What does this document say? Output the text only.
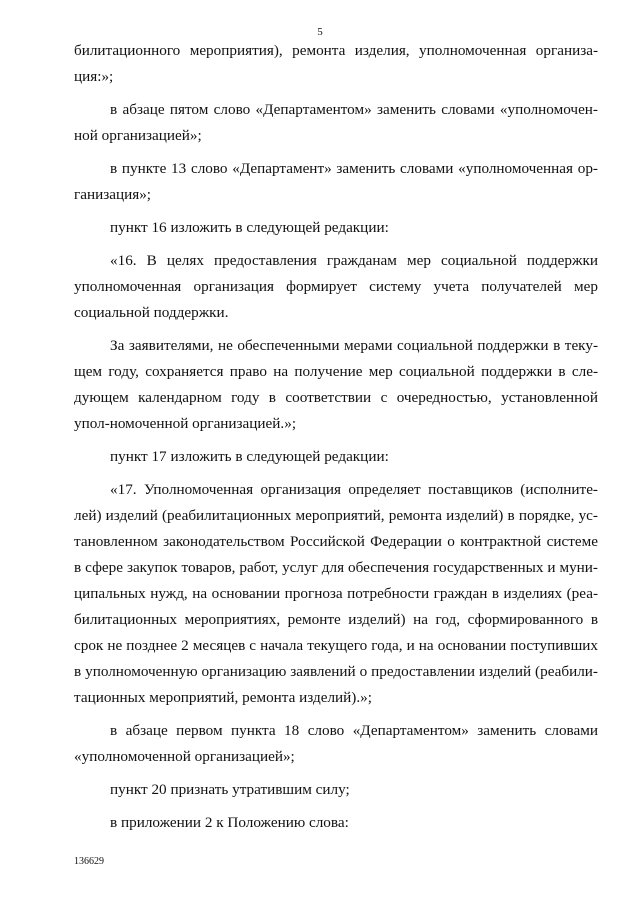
5

билитационного мероприятия), ремонта изделия, уполномоченная организа-ция:»;

в абзаце пятом слово «Департаментом» заменить словами «уполномочен-ной организацией»;

в пункте 13 слово «Департамент» заменить словами «уполномоченная ор-ганизация»;

пункт 16 изложить в следующей редакции:

«16. В целях предоставления гражданам мер социальной поддержки уполномоченная организация формирует систему учета получателей мер социальной поддержки.

За заявителями, не обеспеченными мерами социальной поддержки в теку-щем году, сохраняется право на получение мер социальной поддержки в сле-дующем календарном году в соответствии с очередностью, установленной упол-номоченной организацией.»;

пункт 17 изложить в следующей редакции:

«17. Уполномоченная организация определяет поставщиков (исполните-лей) изделий (реабилитационных мероприятий, ремонта изделий) в порядке, ус-тановленном законодательством Российской Федерации о контрактной системе в сфере закупок товаров, работ, услуг для обеспечения государственных и муни-ципальных нужд, на основании прогноза потребности граждан в изделиях (реа-билитационных мероприятиях, ремонте изделий) на год, сформированного в срок не позднее 2 месяцев с начала текущего года, и на основании поступивших в уполномоченную организацию заявлений о предоставлении изделий (реабили-тационных мероприятий, ремонта изделий).»;

в абзаце первом пункта 18 слово «Департаментом» заменить словами «уполномоченной организацией»;

пункт 20 признать утратившим силу;

в приложении 2 к Положению слова:

136629
